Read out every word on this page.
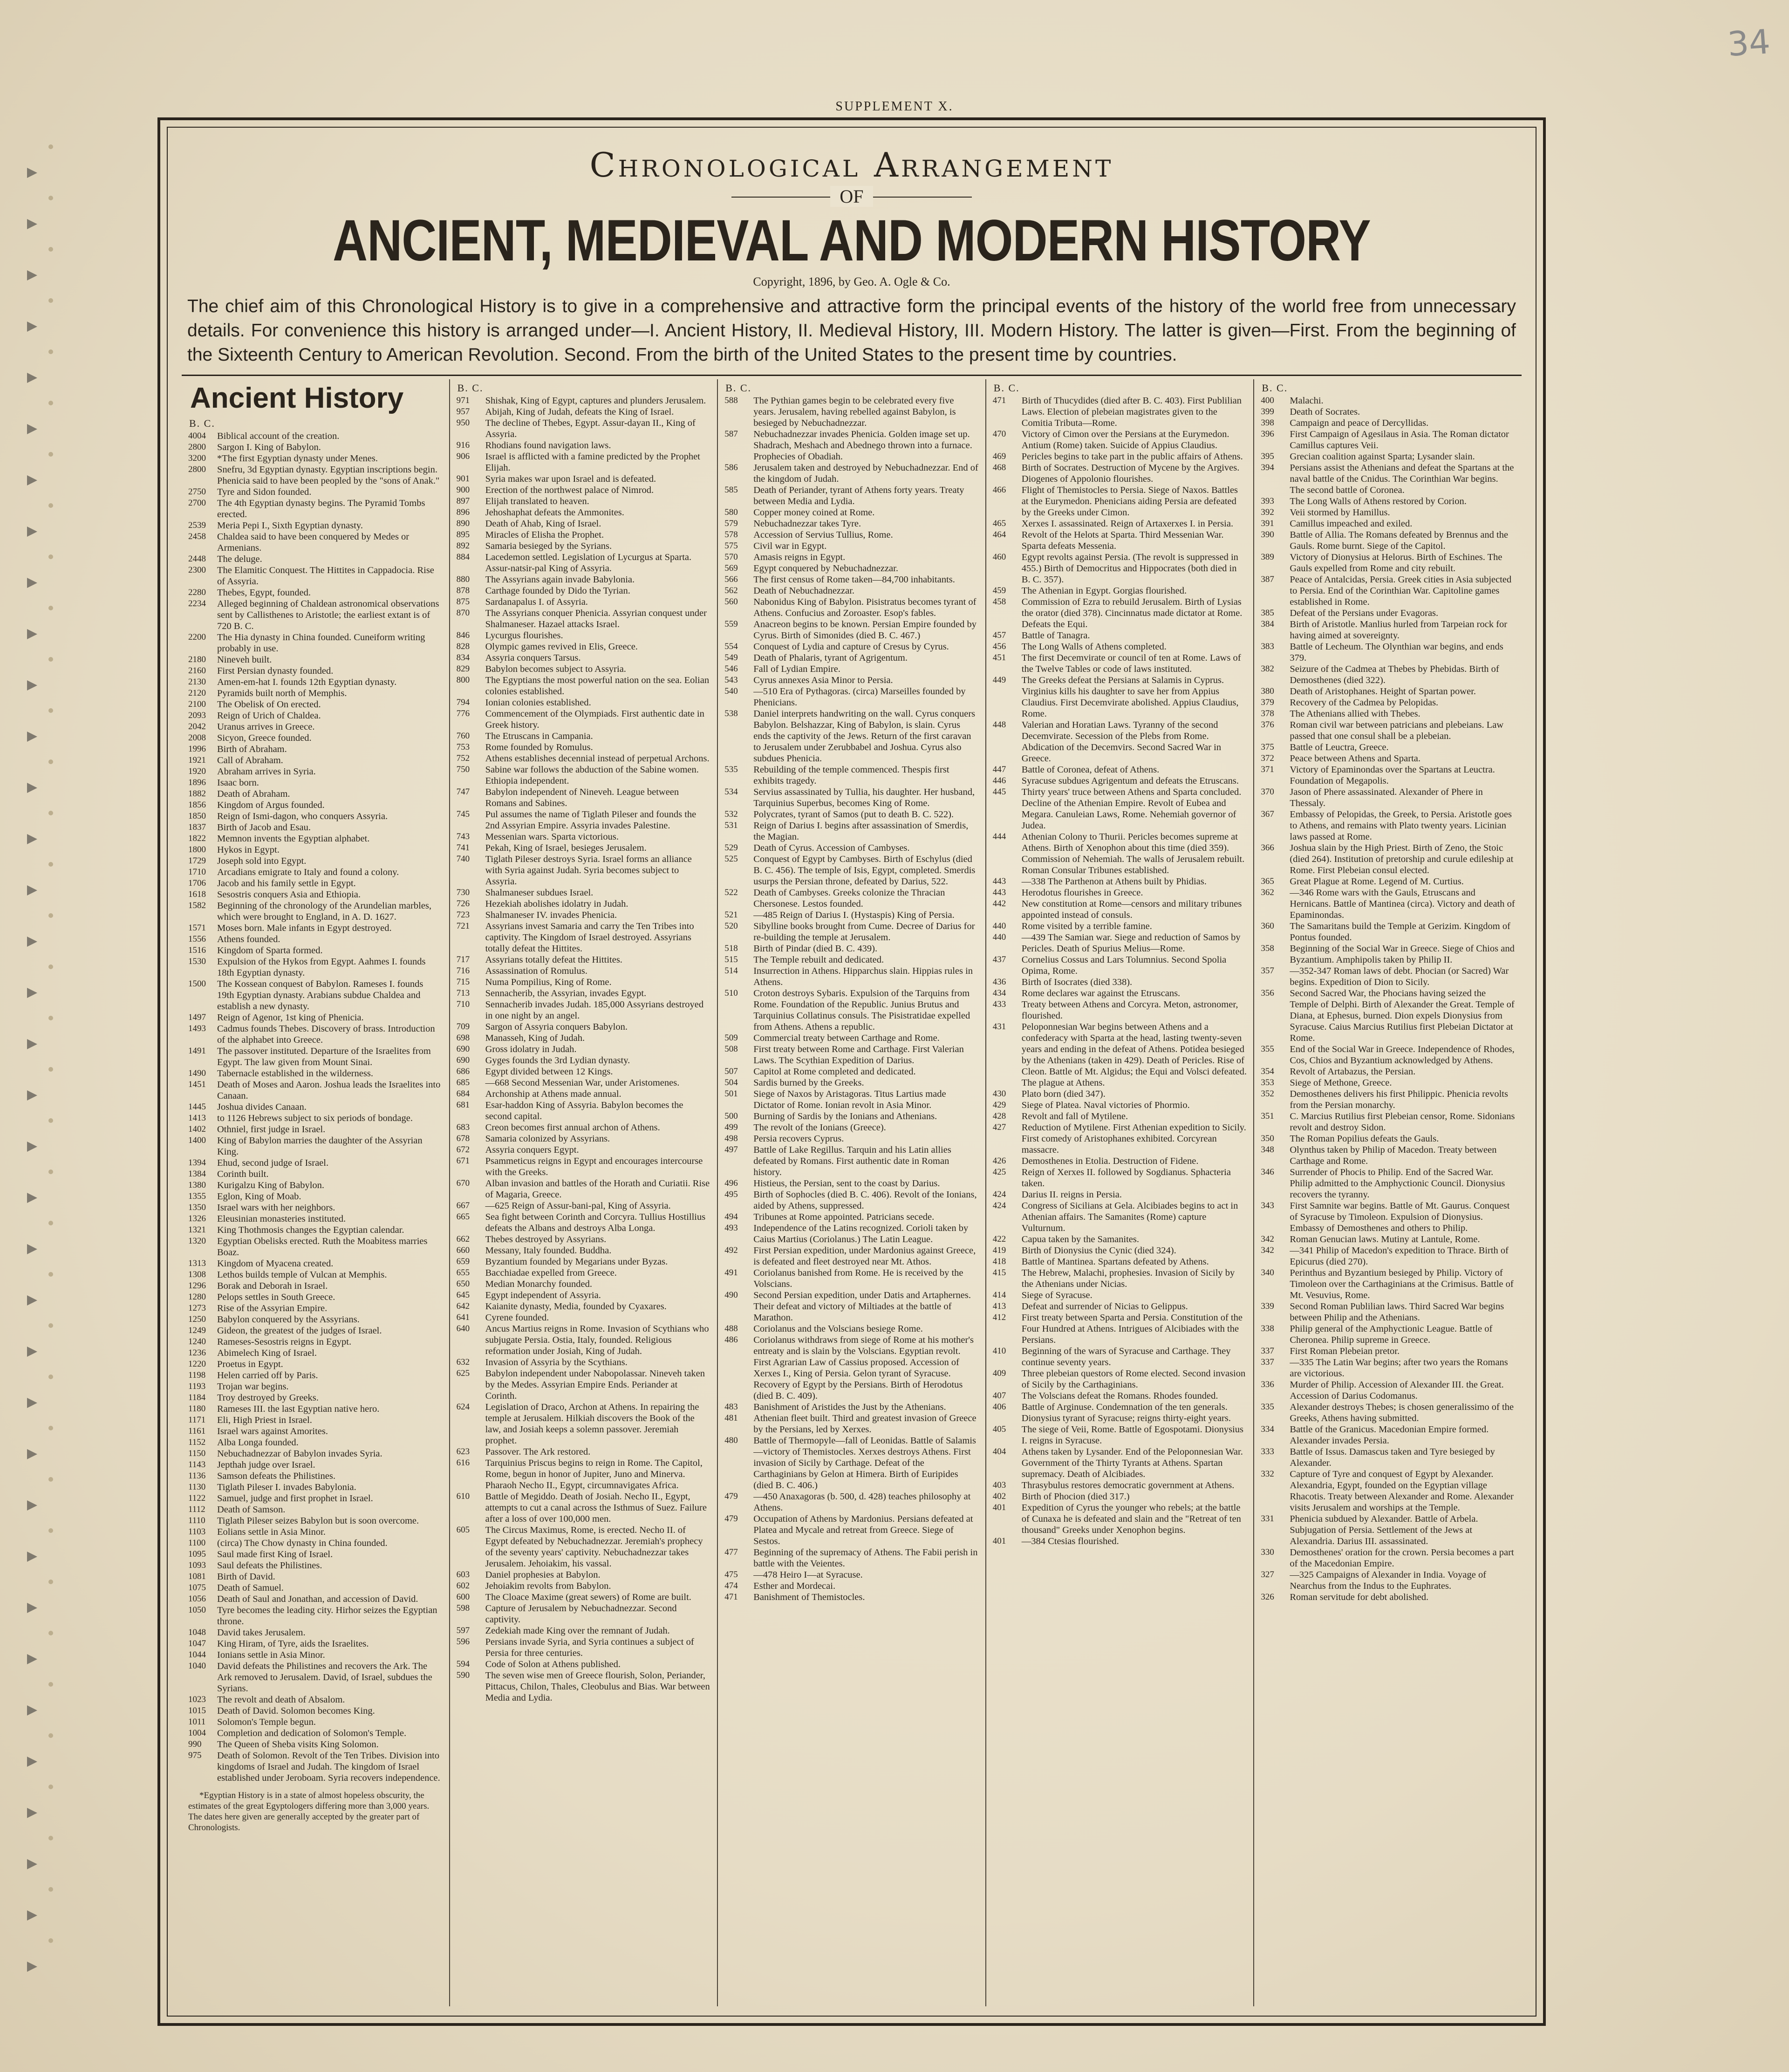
34
SUPPLEMENT X.
Chronological Arrangement
OF
ANCIENT, MEDIEVAL AND MODERN HISTORY
Copyright, 1896, by Geo. A. Ogle & Co.
The chief aim of this Chronological History is to give in a comprehensive and attractive form the principal events of the history of the world free from unnecessary details. For convenience this history is arranged under—I. Ancient History, II. Medieval History, III. Modern History. The latter is given—First. From the beginning of the Sixteenth Century to American Revolution. Second. From the birth of the United States to the present time by countries.
Ancient History
B. C.
4004	Biblical account of the creation.
2800	Sargon I. King of Babylon.
3200	*The first Egyptian dynasty under Menes.
2800	Snefru, 3d Egyptian dynasty. Egyptian inscriptions begin.
Phenicia said to have been peopled by the "sons of Anak."
2750	Tyre and Sidon founded.
2700	The 4th Egyptian dynasty begins. The Pyramid Tombs erected.
2539	Meria Pepi I., Sixth Egyptian dynasty.
2458	Chaldea said to have been conquered by Medes or Armenians.
2448	The deluge.
2300	The Elamitic Conquest. The Hittites in Cappadocia. Rise of Assyria.
2280	Thebes, Egypt, founded.
2234	Alleged beginning of Chaldean astronomical observations sent by Callisthenes to Aristotle; the earliest extant is of 720 B. C.
2200	The Hia dynasty in China founded. Cuneiform writing probably in use.
2180	Nineveh built.
2160	First Persian dynasty founded.
2130	Amen-em-hat I. founds 12th Egyptian dynasty.
2120	Pyramids built north of Memphis.
2100	The Obelisk of On erected.
2093	Reign of Urich of Chaldea.
2042	Uranus arrives in Greece.
2008	Sicyon, Greece founded.
1996	Birth of Abraham.
1921	Call of Abraham.
1920	Abraham arrives in Syria.
1896	Isaac born.
1882	Death of Abraham.
1856	Kingdom of Argus founded.
1850	Reign of Ismi-dagon, who conquers Assyria.
1837	Birth of Jacob and Esau.
1822	Memnon invents the Egyptian alphabet.
1800	Hykos in Egypt.
1729	Joseph sold into Egypt.
1710	Arcadians emigrate to Italy and found a colony.
1706	Jacob and his family settle in Egypt.
1618	Sesostris conquers Asia and Ethiopia.
1582	Beginning of the chronology of the Arundelian marbles, which were brought to England, in A. D. 1627.
1571	Moses born. Male infants in Egypt destroyed.
1556	Athens founded.
1516	Kingdom of Sparta formed.
1530	Expulsion of the Hykos from Egypt. Aahmes I. founds 18th Egyptian dynasty.
1500	The Kossean conquest of Babylon. Rameses I. founds 19th Egyptian dynasty. Arabians subdue Chaldea and establish a new dynasty.
1497	Reign of Agenor, 1st king of Phenicia.
1493	Cadmus founds Thebes. Discovery of brass. Introduction of the alphabet into Greece.
1491	The passover instituted. Departure of the Israelites from Egypt. The law given from Mount Sinai.
1490	Tabernacle established in the wilderness.
1451	Death of Moses and Aaron. Joshua leads the Israelites into Canaan.
1445	Joshua divides Canaan.
1413	to 1126 Hebrews subject to six periods of bondage.
1402	Othniel, first judge in Israel.
1400	King of Babylon marries the daughter of the Assyrian King.
1394	Ehud, second judge of Israel.
1384	Corinth built.
1380	Kurigalzu King of Babylon.
1355	Eglon, King of Moab.
1350	Israel wars with her neighbors.
1326	Eleusinian monasteries instituted.
1321	King Thothmosis changes the Egyptian calendar.
1320	Egyptian Obelisks erected. Ruth the Moabitess marries Boaz.
1313	Kingdom of Myacena created.
1308	Lethos builds temple of Vulcan at Memphis.
1296	Borak and Deborah in Israel.
1280	Pelops settles in South Greece.
1273	Rise of the Assyrian Empire.
1250	Babylon conquered by the Assyrians.
1249	Gideon, the greatest of the judges of Israel.
1240	Rameses-Sesostris reigns in Egypt.
1236	Abimelech King of Israel.
1220	Proetus in Egypt.
1198	Helen carried off by Paris.
1193	Trojan war begins.
1184	Troy destroyed by Greeks.
1180	Rameses III. the last Egyptian native hero.
1171	Eli, High Priest in Israel.
1161	Israel wars against Amorites.
1152	Alba Longa founded.
1150	Nebuchadnezzar of Babylon invades Syria.
1143	Jepthah judge over Israel.
1136	Samson defeats the Philistines.
1130	Tiglath Pileser I. invades Babylonia.
1122	Samuel, judge and first prophet in Israel.
1112	Death of Samson.
1110	Tiglath Pileser seizes Babylon but is soon overcome.
1103	Eolians settle in Asia Minor.
1100	(circa) The Chow dynasty in China founded.
1095	Saul made first King of Israel.
1093	Saul defeats the Philistines.
1081	Birth of David.
1075	Death of Samuel.
1056	Death of Saul and Jonathan, and accession of David.
1050	Tyre becomes the leading city. Hirhor seizes the Egyptian throne.
1048	David takes Jerusalem.
1047	King Hiram, of Tyre, aids the Israelites.
1044	Ionians settle in Asia Minor.
1040	David defeats the Philistines and recovers the Ark. The Ark removed to Jerusalem. David, of Israel, subdues the Syrians.
1023	The revolt and death of Absalom.
1015	Death of David. Solomon becomes King.
1011	Solomon's Temple begun.
1004	Completion and dedication of Solomon's Temple.
990	The Queen of Sheba visits King Solomon.
975	Death of Solomon. Revolt of the Ten Tribes. Division into kingdoms of Israel and Judah. The kingdom of Israel established under Jeroboam. Syria recovers independence.
*Egyptian History is in a state of almost hopeless obscurity, the estimates of the great Egyptologers differing more than 3,000 years. The dates here given are generally accepted by the greater part of Chronologists.
B. C.
971	Shishak, King of Egypt, captures and plunders Jerusalem.
957	Abijah, King of Judah, defeats the King of Israel.
950	The decline of Thebes, Egypt. Assur-dayan II., King of Assyria.
916	Rhodians found navigation laws.
906	Israel is afflicted with a famine predicted by the Prophet Elijah.
901	Syria makes war upon Israel and is defeated.
900	Erection of the northwest palace of Nimrod.
897	Elijah translated to heaven.
896	Jehoshaphat defeats the Ammonites.
890	Death of Ahab, King of Israel.
895	Miracles of Elisha the Prophet.
892	Samaria besieged by the Syrians.
884	Lacedemon settled. Legislation of Lycurgus at Sparta. Assur-natsir-pal King of Assyria.
880	The Assyrians again invade Babylonia.
878	Carthage founded by Dido the Tyrian.
875	Sardanapalus I. of Assyria.
870	The Assyrians conquer Phenicia. Assyrian conquest under Shalmaneser. Hazael attacks Israel.
846	Lycurgus flourishes.
828	Olympic games revived in Elis, Greece.
834	Assyria conquers Tarsus.
829	Babylon becomes subject to Assyria.
800	The Egyptians the most powerful nation on the sea. Eolian colonies established.
794	Ionian colonies established.
776	Commencement of the Olympiads. First authentic date in Greek history.
760	The Etruscans in Campania.
753	Rome founded by Romulus.
752	Athens establishes decennial instead of perpetual Archons.
750	Sabine war follows the abduction of the Sabine women. Ethiopia independent.
747	Babylon independent of Nineveh. League between Romans and Sabines.
745	Pul assumes the name of Tiglath Pileser and founds the 2nd Assyrian Empire. Assyria invades Palestine.
743	Messenian wars. Sparta victorious.
741	Pekah, King of Israel, besieges Jerusalem.
740	Tiglath Pileser destroys Syria. Israel forms an alliance with Syria against Judah. Syria becomes subject to Assyria.
730	Shalmaneser subdues Israel.
726	Hezekiah abolishes idolatry in Judah.
723	Shalmaneser IV. invades Phenicia.
721	Assyrians invest Samaria and carry the Ten Tribes into captivity. The Kingdom of Israel destroyed. Assyrians totally defeat the Hittites.
717	Assyrians totally defeat the Hittites.
716	Assassination of Romulus.
715	Numa Pompilius, King of Rome.
713	Sennacherib, the Assyrian, invades Egypt.
710	Sennacherib invades Judah. 185,000 Assyrians destroyed in one night by an angel.
709	Sargon of Assyria conquers Babylon.
698	Manasseh, King of Judah.
690	Gross idolatry in Judah.
690	Gyges founds the 3rd Lydian dynasty.
686	Egypt divided between 12 Kings.
685	—668 Second Messenian War, under Aristomenes.
684	Archonship at Athens made annual.
681	Esar-haddon King of Assyria. Babylon becomes the second capital.
683	Creon becomes first annual archon of Athens.
678	Samaria colonized by Assyrians.
672	Assyria conquers Egypt.
671	Psammeticus reigns in Egypt and encourages intercourse with the Greeks.
670	Alban invasion and battles of the Horath and Curiatii. Rise of Magaria, Greece.
667	—625 Reign of Assur-bani-pal, King of Assyria.
665	Sea fight between Corinth and Corcyra. Tullius Hostillius defeats the Albans and destroys Alba Longa.
662	Thebes destroyed by Assyrians.
660	Messany, Italy founded. Buddha.
659	Byzantium founded by Megarians under Byzas.
655	Bacchiadae expelled from Greece.
650	Median Monarchy founded.
645	Egypt independent of Assyria.
642	Kaianite dynasty, Media, founded by Cyaxares.
641	Cyrene founded.
640	Ancus Martius reigns in Rome. Invasion of Scythians who subjugate Persia. Ostia, Italy, founded. Religious reformation under Josiah, King of Judah.
632	Invasion of Assyria by the Scythians.
625	Babylon independent under Nabopolassar. Nineveh taken by the Medes. Assyrian Empire Ends. Periander at Corinth.
624	Legislation of Draco, Archon at Athens. In repairing the temple at Jerusalem. Hilkiah discovers the Book of the law, and Josiah keeps a solemn passover. Jeremiah prophet.
623	Passover. The Ark restored.
616	Tarquinius Priscus begins to reign in Rome. The Capitol, Rome, begun in honor of Jupiter, Juno and Minerva. Pharaoh Necho II., Egypt, circumnavigates Africa.
610	Battle of Megiddo. Death of Josiah. Necho II., Egypt, attempts to cut a canal across the Isthmus of Suez. Failure after a loss of over 100,000 men.
605	The Circus Maximus, Rome, is erected. Necho II. of Egypt defeated by Nebuchadnezzar. Jeremiah's prophecy of the seventy years' captivity. Nebuchadnezzar takes Jerusalem. Jehoiakim, his vassal.
603	Daniel prophesies at Babylon.
602	Jehoiakim revolts from Babylon.
600	The Cloace Maxime (great sewers) of Rome are built.
598	Capture of Jerusalem by Nebuchadnezzar. Second captivity.
597	Zedekiah made King over the remnant of Judah.
596	Persians invade Syria, and Syria continues a subject of Persia for three centuries.
594	Code of Solon at Athens published.
590	The seven wise men of Greece flourish, Solon, Periander, Pittacus, Chilon, Thales, Cleobulus and Bias. War between Media and Lydia.
B. C.
588	The Pythian games begin to be celebrated every five years. Jerusalem, having rebelled against Babylon, is besieged by Nebuchadnezzar.
587	Nebuchadnezzar invades Phenicia. Golden image set up. Shadrach, Meshach and Abednego thrown into a furnace. Prophecies of Obadiah.
586	Jerusalem taken and destroyed by Nebuchadnezzar. End of the kingdom of Judah.
585	Death of Periander, tyrant of Athens forty years. Treaty between Media and Lydia.
580	Copper money coined at Rome.
579	Nebuchadnezzar takes Tyre.
578	Accession of Servius Tullius, Rome.
575	Civil war in Egypt.
570	Amasis reigns in Egypt.
569	Egypt conquered by Nebuchadnezzar.
566	The first census of Rome taken—84,700 inhabitants.
562	Death of Nebuchadnezzar.
560	Nabonidus King of Babylon. Pisistratus becomes tyrant of Athens. Confucius and Zoroaster. Esop's fables.
559	Anacreon begins to be known. Persian Empire founded by Cyrus. Birth of Simonides (died B. C. 467.)
554	Conquest of Lydia and capture of Cresus by Cyrus.
549	Death of Phalaris, tyrant of Agrigentum.
546	Fall of Lydian Empire.
543	Cyrus annexes Asia Minor to Persia.
540	—510 Era of Pythagoras. (circa) Marseilles founded by Phenicians.
538	Daniel interprets handwriting on the wall. Cyrus conquers Babylon. Belshazzar, King of Babylon, is slain. Cyrus ends the captivity of the Jews. Return of the first caravan to Jerusalem under Zerubbabel and Joshua. Cyrus also subdues Phenicia.
535	Rebuilding of the temple commenced. Thespis first exhibits tragedy.
534	Servius assassinated by Tullia, his daughter. Her husband, Tarquinius Superbus, becomes King of Rome.
532	Polycrates, tyrant of Samos (put to death B. C. 522).
531	Reign of Darius I. begins after assassination of Smerdis, the Magian.
529	Death of Cyrus. Accession of Cambyses.
525	Conquest of Egypt by Cambyses. Birth of Eschylus (died B. C. 456). The temple of Isis, Egypt, completed. Smerdis usurps the Persian throne, defeated by Darius, 522.
522	Death of Cambyses. Greeks colonize the Thracian Chersonese. Lestos founded.
521	—485 Reign of Darius I. (Hystaspis) King of Persia.
520	Sibylline books brought from Cume. Decree of Darius for re-building the temple at Jerusalem.
518	Birth of Pindar (died B. C. 439).
515	The Temple rebuilt and dedicated.
514	Insurrection in Athens. Hipparchus slain. Hippias rules in Athens.
510	Croton destroys Sybaris. Expulsion of the Tarquins from Rome. Foundation of the Republic. Junius Brutus and Tarquinius Collatinus consuls. The Pisistratidae expelled from Athens. Athens a republic.
509	Commercial treaty between Carthage and Rome.
508	First treaty between Rome and Carthage. First Valerian Laws. The Scythian Expedition of Darius.
507	Capitol at Rome completed and dedicated.
504	Sardis burned by the Greeks.
501	Siege of Naxos by Aristagoras. Titus Lartius made Dictator of Rome. Ionian revolt in Asia Minor.
500	Burning of Sardis by the Ionians and Athenians.
499	The revolt of the Ionians (Greece).
498	Persia recovers Cyprus.
497	Battle of Lake Regillus. Tarquin and his Latin allies defeated by Romans. First authentic date in Roman history.
496	Histieus, the Persian, sent to the coast by Darius.
495	Birth of Sophocles (died B. C. 406). Revolt of the Ionians, aided by Athens, suppressed.
494	Tribunes at Rome appointed. Patricians secede.
493	Independence of the Latins recognized. Corioli taken by Caius Martius (Coriolanus.) The Latin League.
492	First Persian expedition, under Mardonius against Greece, is defeated and fleet destroyed near Mt. Athos.
491	Coriolanus banished from Rome. He is received by the Volscians.
490	Second Persian expedition, under Datis and Artaphernes. Their defeat and victory of Miltiades at the battle of Marathon.
488	Coriolanus and the Volscians besiege Rome.
486	Coriolanus withdraws from siege of Rome at his mother's entreaty and is slain by the Volscians. Egyptian revolt. First Agrarian Law of Cassius proposed. Accession of Xerxes I., King of Persia. Gelon tyrant of Syracuse. Recovery of Egypt by the Persians. Birth of Herodotus (died B. C. 409).
483	Banishment of Aristides the Just by the Athenians.
481	Athenian fleet built. Third and greatest invasion of Greece by the Persians, led by Xerxes.
480	Battle of Thermopyle—fall of Leonidas. Battle of Salamis—victory of Themistocles. Xerxes destroys Athens. First invasion of Sicily by Carthage. Defeat of the Carthaginians by Gelon at Himera. Birth of Euripides (died B. C. 406.)
479	—450 Anaxagoras (b. 500, d. 428) teaches philosophy at Athens.
479	Occupation of Athens by Mardonius. Persians defeated at Platea and Mycale and retreat from Greece. Siege of Sestos.
477	Beginning of the supremacy of Athens. The Fabii perish in battle with the Veientes.
475	—478 Heiro I—at Syracuse.
474	Esther and Mordecai.
471	Banishment of Themistocles.
B. C.
471	Birth of Thucydides (died after B. C. 403). First Publilian Laws. Election of plebeian magistrates given to the Comitia Tributa—Rome.
470	Victory of Cimon over the Persians at the Eurymedon. Antium (Rome) taken. Suicide of Appius Claudius.
469	Pericles begins to take part in the public affairs of Athens.
468	Birth of Socrates. Destruction of Mycene by the Argives. Diogenes of Appolonio flourishes.
466	Flight of Themistocles to Persia. Siege of Naxos. Battles at the Eurymedon. Phenicians aiding Persia are defeated by the Greeks under Cimon.
465	Xerxes I. assassinated. Reign of Artaxerxes I. in Persia.
464	Revolt of the Helots at Sparta. Third Messenian War. Sparta defeats Messenia.
460	Egypt revolts against Persia. (The revolt is suppressed in 455.) Birth of Democritus and Hippocrates (both died in B. C. 357).
459	The Athenian in Egypt. Gorgias flourished.
458	Commission of Ezra to rebuild Jerusalem. Birth of Lysias the orator (died 378). Cincinnatus made dictator at Rome. Defeats the Equi.
457	Battle of Tanagra.
456	The Long Walls of Athens completed.
451	The first Decemvirate or council of ten at Rome. Laws of the Twelve Tables or code of laws instituted.
449	The Greeks defeat the Persians at Salamis in Cyprus. Virginius kills his daughter to save her from Appius Claudius. First Decemvirate abolished. Appius Claudius, Rome.
448	Valerian and Horatian Laws. Tyranny of the second Decemvirate. Secession of the Plebs from Rome. Abdication of the Decemvirs. Second Sacred War in Greece.
447	Battle of Coronea, defeat of Athens.
446	Syracuse subdues Agrigentum and defeats the Etruscans.
445	Thirty years' truce between Athens and Sparta concluded. Decline of the Athenian Empire. Revolt of Eubea and Megara. Canuleian Laws, Rome. Nehemiah governor of Judea.
444	Athenian Colony to Thurii. Pericles becomes supreme at Athens. Birth of Xenophon about this time (died 359). Commission of Nehemiah. The walls of Jerusalem rebuilt. Roman Consular Tribunes established.
443	—338 The Parthenon at Athens built by Phidias.
443	Herodotus flourishes in Greece.
442	New constitution at Rome—censors and military tribunes appointed instead of consuls.
440	Rome visited by a terrible famine.
440	—439 The Samian war. Siege and reduction of Samos by Pericles. Death of Spurius Melius—Rome.
437	Cornelius Cossus and Lars Tolumnius. Second Spolia Opima, Rome.
436	Birth of Isocrates (died 338).
434	Rome declares war against the Etruscans.
433	Treaty between Athens and Corcyra. Meton, astronomer, flourished.
431	Peloponnesian War begins between Athens and a confederacy with Sparta at the head, lasting twenty-seven years and ending in the defeat of Athens. Potidea besieged by the Athenians (taken in 429). Death of Pericles. Rise of Cleon. Battle of Mt. Algidus; the Equi and Volsci defeated. The plague at Athens.
430	Plato born (died 347).
429	Siege of Platea. Naval victories of Phormio.
428	Revolt and fall of Mytilene.
427	Reduction of Mytilene. First Athenian expedition to Sicily. First comedy of Aristophanes exhibited. Corcyrean massacre.
426	Demosthenes in Etolia. Destruction of Fidene.
425	Reign of Xerxes II. followed by Sogdianus. Sphacteria taken.
424	Darius II. reigns in Persia.
424	Congress of Sicilians at Gela. Alcibiades begins to act in Athenian affairs. The Samanites (Rome) capture Vulturnum.
422	Capua taken by the Samanites.
419	Birth of Dionysius the Cynic (died 324).
418	Battle of Mantinea. Spartans defeated by Athens.
415	The Hebrew, Malachi, prophesies. Invasion of Sicily by the Athenians under Nicias.
414	Siege of Syracuse.
413	Defeat and surrender of Nicias to Gelippus.
412	First treaty between Sparta and Persia. Constitution of the Four Hundred at Athens. Intrigues of Alcibiades with the Persians.
410	Beginning of the wars of Syracuse and Carthage. They continue seventy years.
409	Three plebeian questors of Rome elected. Second invasion of Sicily by the Carthaginians.
407	The Volscians defeat the Romans. Rhodes founded.
406	Battle of Arginuse. Condemnation of the ten generals. Dionysius tyrant of Syracuse; reigns thirty-eight years.
405	The siege of Veii, Rome. Battle of Egospotami. Dionysius I. reigns in Syracuse.
404	Athens taken by Lysander. End of the Peloponnesian War. Government of the Thirty Tyrants at Athens. Spartan supremacy. Death of Alcibiades.
403	Thrasybulus restores democratic government at Athens.
402	Birth of Phocion (died 317.)
401	Expedition of Cyrus the younger who rebels; at the battle of Cunaxa he is defeated and slain and the "Retreat of ten thousand" Greeks under Xenophon begins.
401	—384 Ctesias flourished.
B. C.
400	Malachi.
399	Death of Socrates.
398	Campaign and peace of Dercyllidas.
396	First Campaign of Agesilaus in Asia. The Roman dictator Camillus captures Veii.
395	Grecian coalition against Sparta; Lysander slain.
394	Persians assist the Athenians and defeat the Spartans at the naval battle of the Cnidus. The Corinthian War begins. The second battle of Coronea.
393	The Long Walls of Athens restored by Corion.
392	Veii stormed by Hamillus.
391	Camillus impeached and exiled.
390	Battle of Allia. The Romans defeated by Brennus and the Gauls. Rome burnt. Siege of the Capitol.
389	Victory of Dionysius at Helorus. Birth of Eschines. The Gauls expelled from Rome and city rebuilt.
387	Peace of Antalcidas, Persia. Greek cities in Asia subjected to Persia. End of the Corinthian War. Capitoline games established in Rome.
385	Defeat of the Persians under Evagoras.
384	Birth of Aristotle. Manlius hurled from Tarpeian rock for having aimed at sovereignty.
383	Battle of Lecheum. The Olynthian war begins, and ends 379.
382	Seizure of the Cadmea at Thebes by Phebidas. Birth of Demosthenes (died 322).
380	Death of Aristophanes. Height of Spartan power.
379	Recovery of the Cadmea by Pelopidas.
378	The Athenians allied with Thebes.
376	Roman civil war between patricians and plebeians. Law passed that one consul shall be a plebeian.
375	Battle of Leuctra, Greece.
372	Peace between Athens and Sparta.
371	Victory of Epaminondas over the Spartans at Leuctra. Foundation of Megapolis.
370	Jason of Phere assassinated. Alexander of Phere in Thessaly.
367	Embassy of Pelopidas, the Greek, to Persia. Aristotle goes to Athens, and remains with Plato twenty years. Licinian laws passed at Rome.
366	Joshua slain by the High Priest. Birth of Zeno, the Stoic (died 264). Institution of pretorship and curule edileship at Rome. First Plebeian consul elected.
365	Great Plague at Rome. Legend of M. Curtius.
362	—346 Rome wars with the Gauls, Etruscans and Hernicans. Battle of Mantinea (circa). Victory and death of Epaminondas.
360	The Samaritans build the Temple at Gerizim. Kingdom of Pontus founded.
358	Beginning of the Social War in Greece. Siege of Chios and Byzantium. Amphipolis taken by Philip II.
357	—352-347 Roman laws of debt. Phocian (or Sacred) War begins. Expedition of Dion to Sicily.
356	Second Sacred War, the Phocians having seized the Temple of Delphi. Birth of Alexander the Great. Temple of Diana, at Ephesus, burned. Dion expels Dionysius from Syracuse. Caius Marcius Rutilius first Plebeian Dictator at Rome.
355	End of the Social War in Greece. Independence of Rhodes, Cos, Chios and Byzantium acknowledged by Athens.
354	Revolt of Artabazus, the Persian.
353	Siege of Methone, Greece.
352	Demosthenes delivers his first Philippic. Phenicia revolts from the Persian monarchy.
351	C. Marcius Rutilius first Plebeian censor, Rome. Sidonians revolt and destroy Sidon.
350	The Roman Popilius defeats the Gauls.
348	Olynthus taken by Philip of Macedon. Treaty between Carthage and Rome.
346	Surrender of Phocis to Philip. End of the Sacred War. Philip admitted to the Amphyctionic Council. Dionysius recovers the tyranny.
343	First Samnite war begins. Battle of Mt. Gaurus. Conquest of Syracuse by Timoleon. Expulsion of Dionysius. Embassy of Demosthenes and others to Philip.
342	Roman Genucian laws. Mutiny at Lantule, Rome.
342	—341 Philip of Macedon's expedition to Thrace. Birth of Epicurus (died 270).
340	Perinthus and Byzantium besieged by Philip. Victory of Timoleon over the Carthaginians at the Crimisus. Battle of Mt. Vesuvius, Rome.
339	Second Roman Publilian laws. Third Sacred War begins between Philip and the Athenians.
338	Philip general of the Amphyctionic League. Battle of Cheronea. Philip supreme in Greece.
337	First Roman Plebeian pretor.
337	—335 The Latin War begins; after two years the Romans are victorious.
336	Murder of Philip. Accession of Alexander III. the Great. Accession of Darius Codomanus.
335	Alexander destroys Thebes; is chosen generalissimo of the Greeks, Athens having submitted.
334	Battle of the Granicus. Macedonian Empire formed. Alexander invades Persia.
333	Battle of Issus. Damascus taken and Tyre besieged by Alexander.
332	Capture of Tyre and conquest of Egypt by Alexander. Alexandria, Egypt, founded on the Egyptian village Rhacotis. Treaty between Alexander and Rome. Alexander visits Jerusalem and worships at the Temple.
331	Phenicia subdued by Alexander. Battle of Arbela. Subjugation of Persia. Settlement of the Jews at Alexandria. Darius III. assassinated.
330	Demosthenes' oration for the crown. Persia becomes a part of the Macedonian Empire.
327	—325 Campaigns of Alexander in India. Voyage of Nearchus from the Indus to the Euphrates.
326	Roman servitude for debt abolished.
